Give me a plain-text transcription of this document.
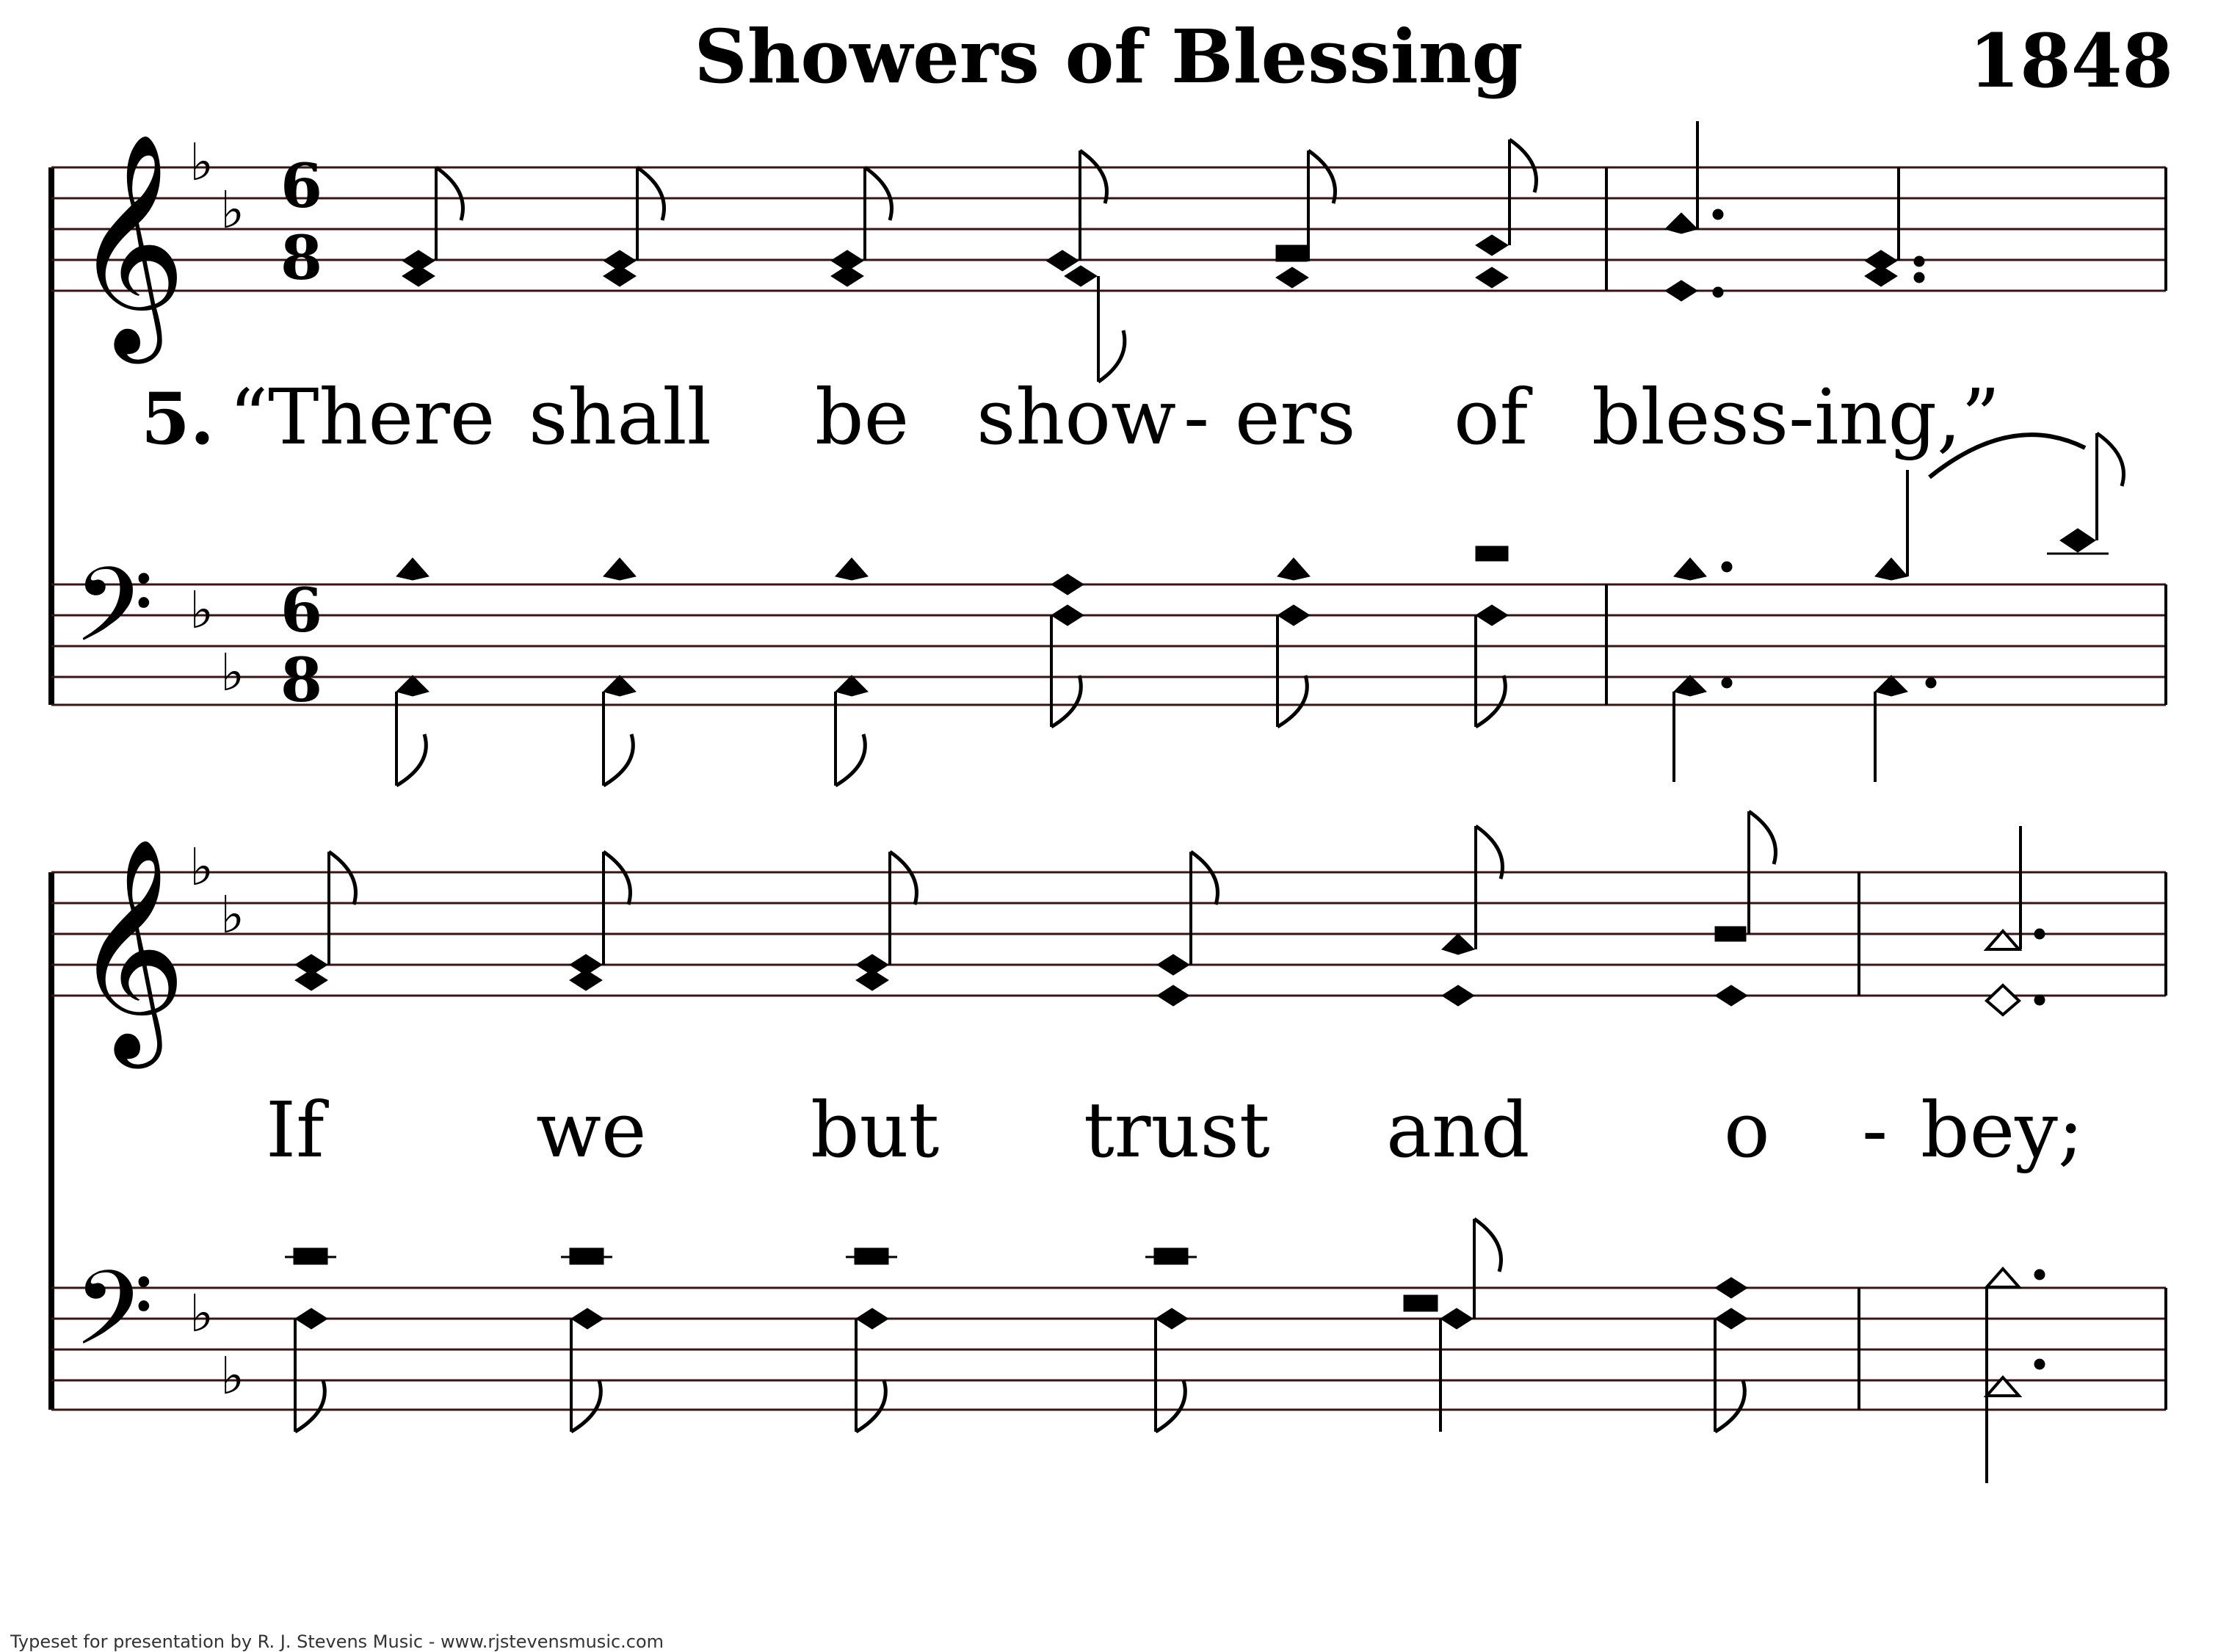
Showers of Blessing	1848
𝄞 ♭
♭ 6
8
5. “There shall be show - ers of bless-ing,”
𝄢 ♭
♭
6
8
𝄞 ♭
♭
If	we but trust and	o - bey;
𝄢 ♭
♭
Typeset for presentation by R. J. Stevens Music - www.rjstevensmusic.com
